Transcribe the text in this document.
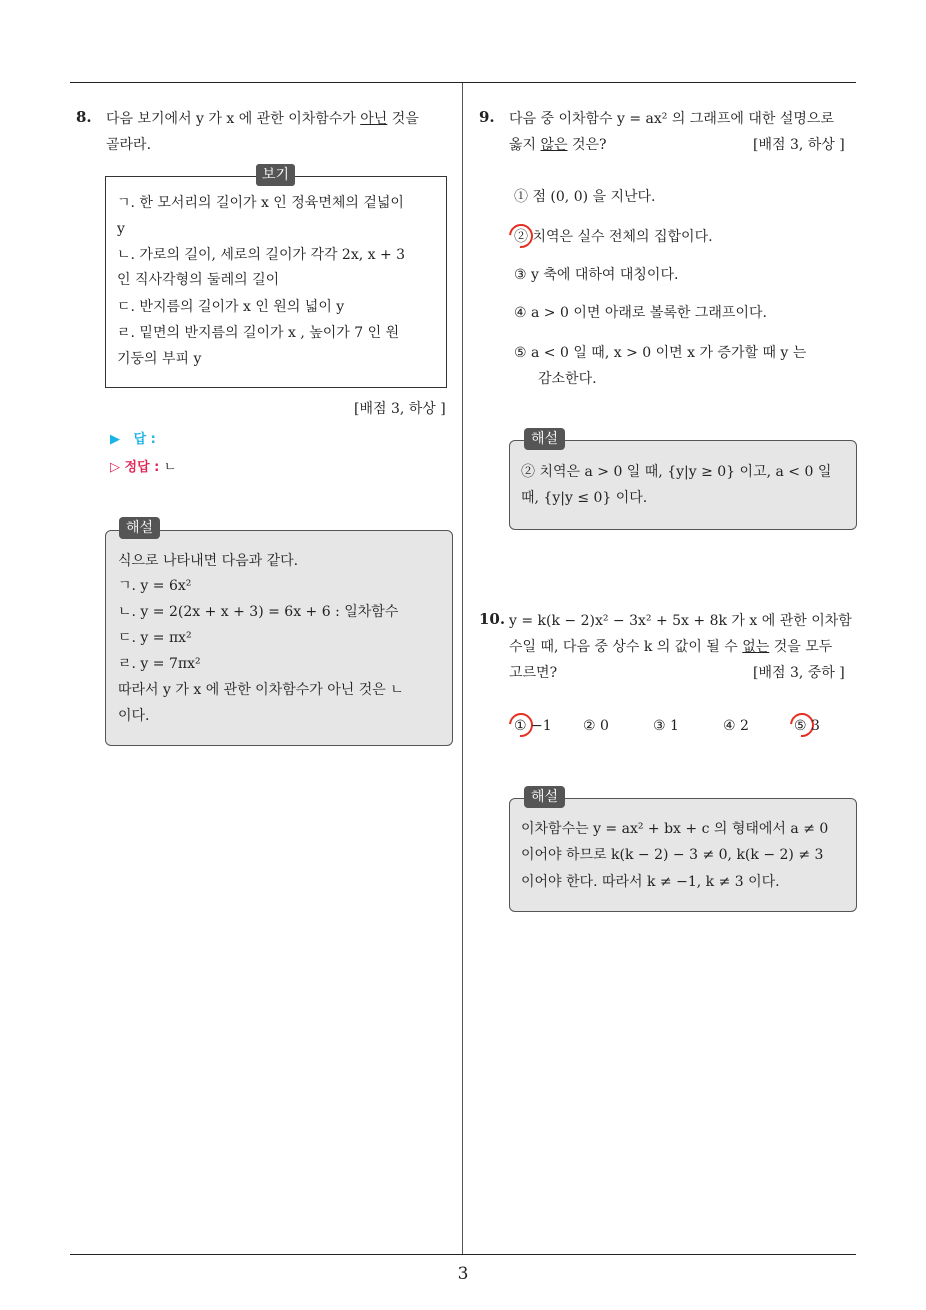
3
8. 다음 보기에서 y 가 x 에 관한 이차함수가 아닌 것을
골라라.
보기
ㄱ. 한 모서리의 길이가 x 인 정육면체의 겉넓이
y
ㄴ. 가로의 길이, 세로의 길이가 각각 2x, x + 3
인 직사각형의 둘레의 길이
ㄷ. 반지름의 길이가 x 인 원의 넓이 y
ㄹ. 밑면의 반지름의 길이가 x , 높이가 7 인 원
기둥의 부피 y
[배점 3, 하상 ]
▶ 답 :
▷ 정답 : ㄴ
해설
식으로 나타내면 다음과 같다.
ㄱ. y = 6x²
ㄴ. y = 2(2x + x + 3) = 6x + 6 : 일차함수
ㄷ. y = πx²
ㄹ. y = 7πx²
따라서 y 가 x 에 관한 이차함수가 아닌 것은 ㄴ
이다.
9. 다음 중 이차함수 y = ax² 의 그래프에 대한 설명으로
옳지 않은 것은?	[배점 3, 하상 ]
① 점 (0, 0) 을 지난다.
② 치역은 실수 전체의 집합이다.
③ y 축에 대하여 대칭이다.
④ a > 0 이면 아래로 볼록한 그래프이다.
⑤ a < 0 일 때, x > 0 이면 x 가 증가할 때 y 는
감소한다.
해설
② 치역은 a > 0 일 때, {y|y ≥ 0} 이고, a < 0 일
때, {y|y ≤ 0} 이다.
10. y = k(k − 2)x² − 3x² + 5x + 8k 가 x 에 관한 이차함
수일 때, 다음 중 상수 k 의 값이 될 수 없는 것을 모두
고르면?	[배점 3, 중하 ]
① −1 ② 0	③ 1	④ 2	⑤ 3
해설
이차함수는 y = ax² + bx + c 의 형태에서 a ≠ 0
이어야 하므로 k(k − 2) − 3 ≠ 0, k(k − 2) ≠ 3
이어야 한다. 따라서 k ≠ −1, k ≠ 3 이다.
